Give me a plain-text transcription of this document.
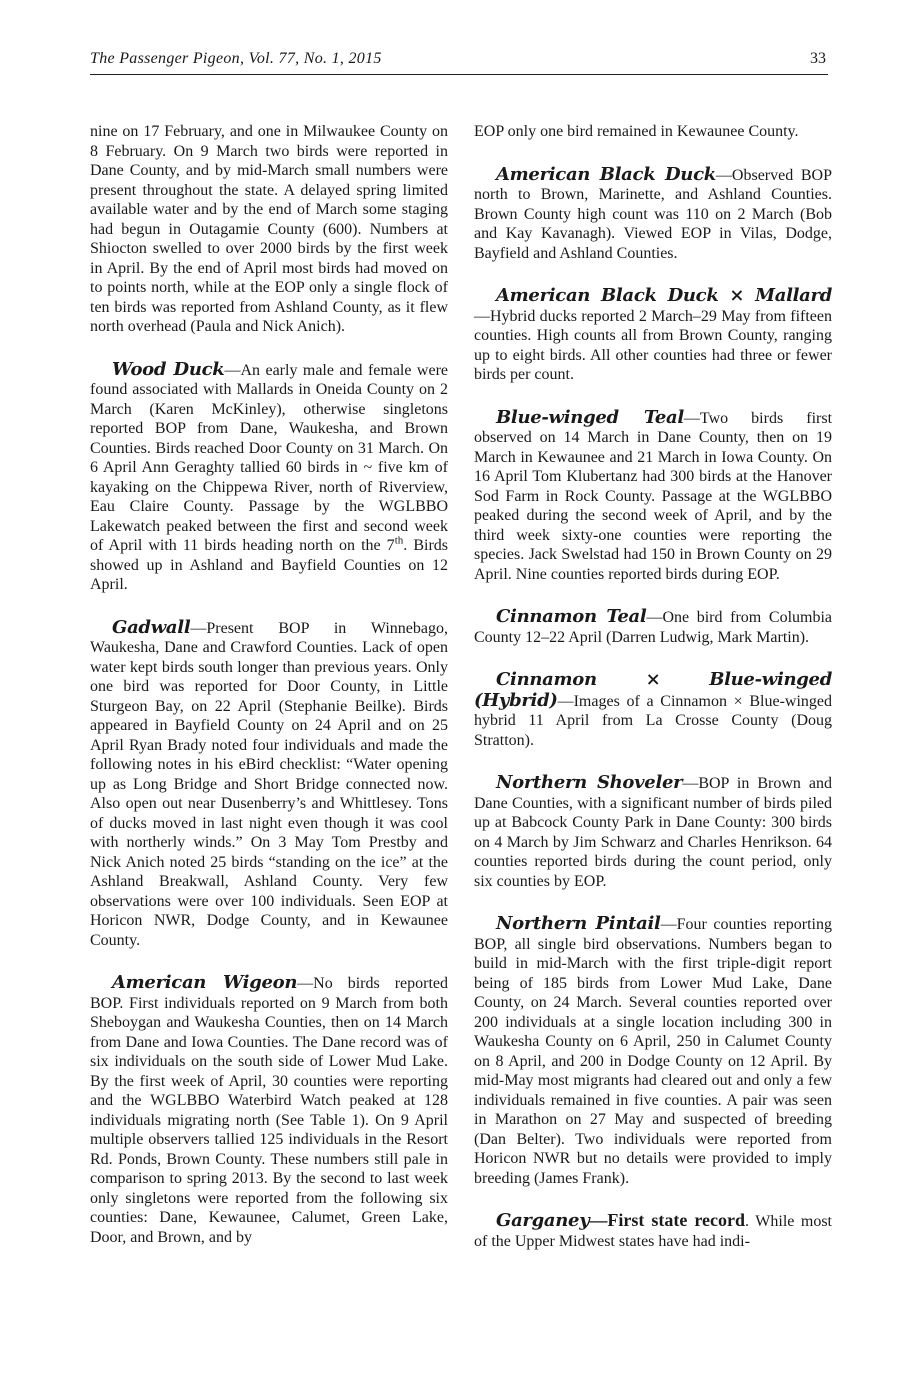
The Passenger Pigeon, Vol. 77, No. 1, 2015	33

nine on 17 February, and one in Milwaukee County on 8 February. On 9 March two birds were reported in Dane County, and by mid-March small numbers were present throughout the state. A delayed spring limited available water and by the end of March some staging had begun in Outagamie County (600). Numbers at Shiocton swelled to over 2000 birds by the first week in April. By the end of April most birds had moved on to points north, while at the EOP only a single flock of ten birds was reported from Ashland County, as it flew north overhead (Paula and Nick Anich).

Wood Duck—An early male and female were found associated with Mallards in Oneida County on 2 March (Karen McKinley), otherwise singletons reported BOP from Dane, Waukesha, and Brown Counties. Birds reached Door County on 31 March. On 6 April Ann Geraghty tallied 60 birds in ~ five km of kayaking on the Chippewa River, north of Riverview, Eau Claire County. Passage by the WGLBBO Lakewatch peaked between the first and second week of April with 11 birds heading north on the 7th. Birds showed up in Ashland and Bayfield Counties on 12 April.

Gadwall—Present BOP in Winnebago, Waukesha, Dane and Crawford Counties. Lack of open water kept birds south longer than previous years. Only one bird was reported for Door County, in Little Sturgeon Bay, on 22 April (Stephanie Beilke). Birds appeared in Bayfield County on 24 April and on 25 April Ryan Brady noted four individuals and made the following notes in his eBird checklist: “Water opening up as Long Bridge and Short Bridge connected now. Also open out near Dusenberry’s and Whittlesey. Tons of ducks moved in last night even though it was cool with northerly winds.” On 3 May Tom Prestby and Nick Anich noted 25 birds “standing on the ice” at the Ashland Breakwall, Ashland County. Very few observations were over 100 individuals. Seen EOP at Horicon NWR, Dodge County, and in Kewaunee County.

American Wigeon—No birds reported BOP. First individuals reported on 9 March from both Sheboygan and Waukesha Counties, then on 14 March from Dane and Iowa Counties. The Dane record was of six individuals on the south side of Lower Mud Lake. By the first week of April, 30 counties were reporting and the WGLBBO Waterbird Watch peaked at 128 individuals migrating north (See Table 1). On 9 April multiple observers tallied 125 individuals in the Resort Rd. Ponds, Brown County. These numbers still pale in comparison to spring 2013. By the second to last week only singletons were reported from the following six counties: Dane, Kewaunee, Calumet, Green Lake, Door, and Brown, and by

EOP only one bird remained in Kewaunee County.

American Black Duck—Observed BOP north to Brown, Marinette, and Ashland Counties. Brown County high count was 110 on 2 March (Bob and Kay Kavanagh). Viewed EOP in Vilas, Dodge, Bayfield and Ashland Counties.

American Black Duck × Mallard —Hybrid ducks reported 2 March–29 May from fifteen counties. High counts all from Brown County, ranging up to eight birds. All other counties had three or fewer birds per count.

Blue-winged Teal—Two birds first observed on 14 March in Dane County, then on 19 March in Kewaunee and 21 March in Iowa County. On 16 April Tom Klubertanz had 300 birds at the Hanover Sod Farm in Rock County. Passage at the WGLBBO peaked during the second week of April, and by the third week sixty-one counties were reporting the species. Jack Swelstad had 150 in Brown County on 29 April. Nine counties reported birds during EOP.

Cinnamon Teal—One bird from Columbia County 12–22 April (Darren Ludwig, Mark Martin).

Cinnamon × Blue-winged (Hybrid)—Images of a Cinnamon × Blue-winged hybrid 11 April from La Crosse County (Doug Stratton).

Northern Shoveler—BOP in Brown and Dane Counties, with a significant number of birds piled up at Babcock County Park in Dane County: 300 birds on 4 March by Jim Schwarz and Charles Henrikson. 64 counties reported birds during the count period, only six counties by EOP.

Northern Pintail—Four counties reporting BOP, all single bird observations. Numbers began to build in mid-March with the first triple-digit report being of 185 birds from Lower Mud Lake, Dane County, on 24 March. Several counties reported over 200 individuals at a single location including 300 in Waukesha County on 6 April, 250 in Calumet County on 8 April, and 200 in Dodge County on 12 April. By mid-May most migrants had cleared out and only a few individuals remained in five counties. A pair was seen in Marathon on 27 May and suspected of breeding (Dan Belter). Two individuals were reported from Horicon NWR but no details were provided to imply breeding (James Frank).

Garganey—First state record. While most of the Upper Midwest states have had indi-
